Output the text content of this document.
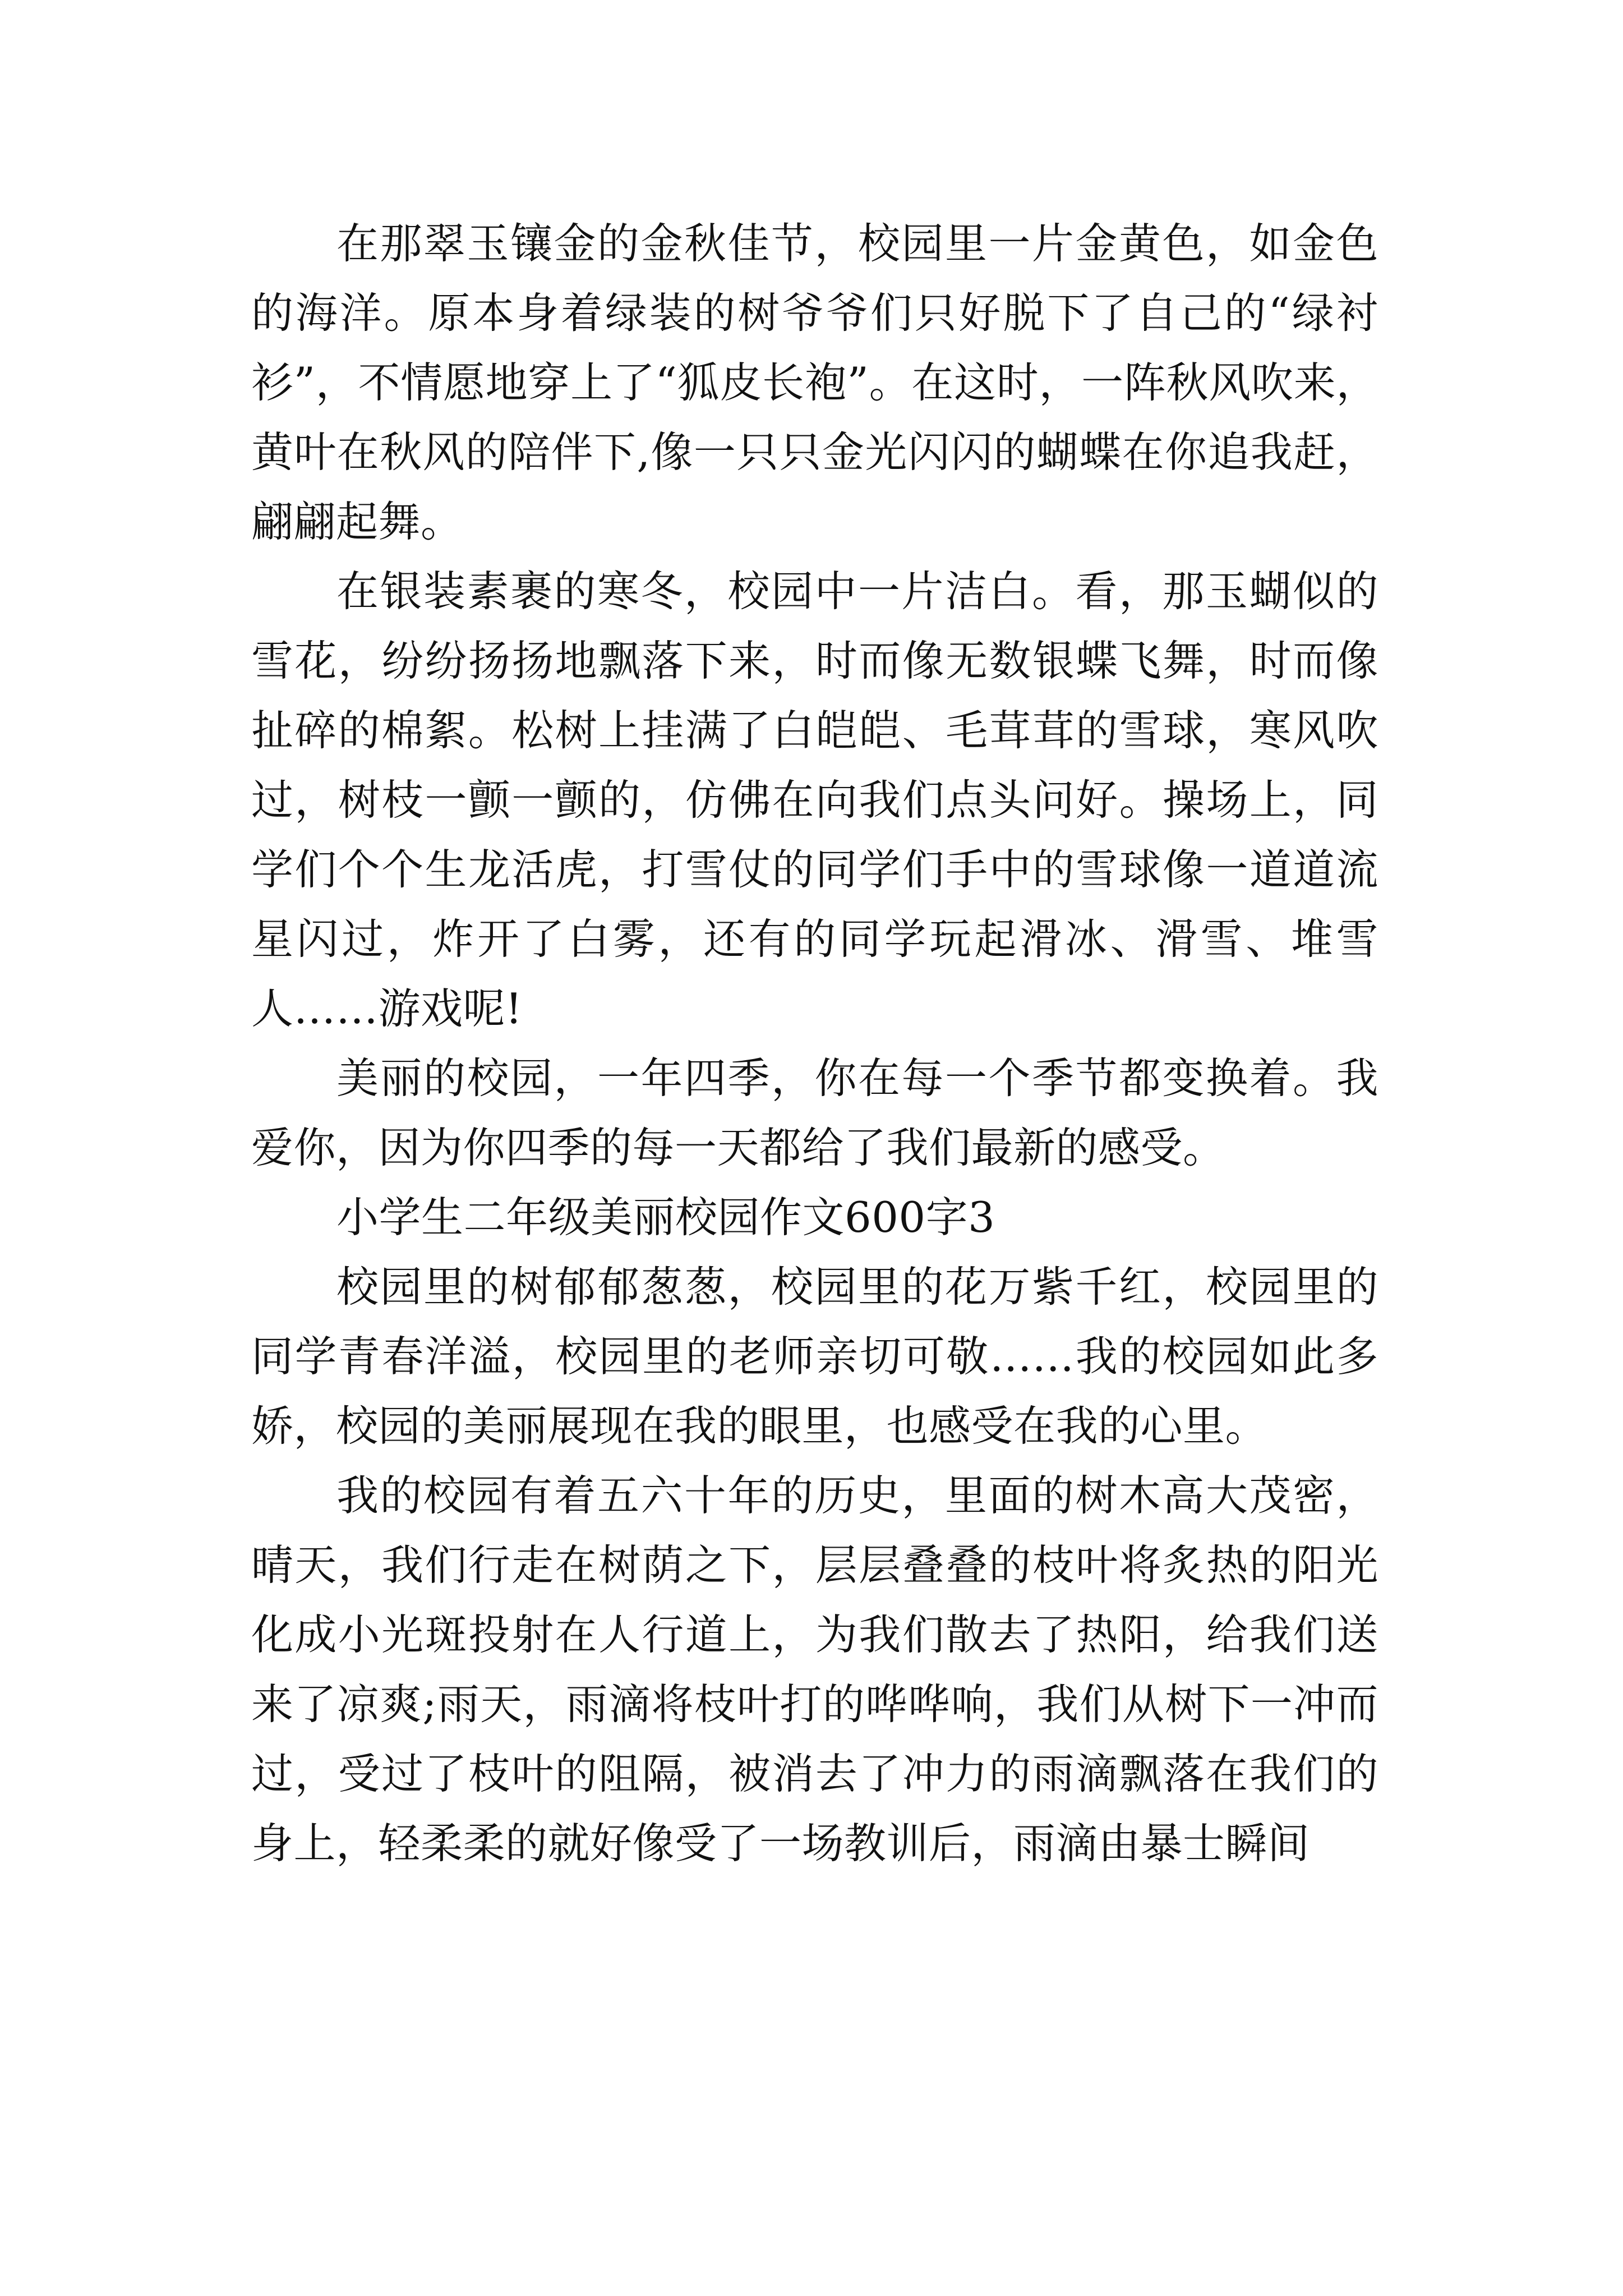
在那翠玉镶金的金秋佳节，校园里一片金黄色，如金色的海洋。原本身着绿装的树爷爷们只好脱下了自己的“绿衬衫”，不情愿地穿上了“狐皮长袍”。在这时，一阵秋风吹来，黄叶在秋风的陪伴下,像一只只金光闪闪的蝴蝶在你追我赶，翩翩起舞。

在银装素裹的寒冬，校园中一片洁白。看，那玉蝴似的雪花，纷纷扬扬地飘落下来，时而像无数银蝶飞舞，时而像扯碎的棉絮。松树上挂满了白皑皑、毛茸茸的雪球，寒风吹过，树枝一颤一颤的，仿佛在向我们点头问好。操场上，同学们个个生龙活虎，打雪仗的同学们手中的雪球像一道道流星闪过，炸开了白雾，还有的同学玩起滑冰、滑雪、堆雪人……游戏呢!

美丽的校园，一年四季，你在每一个季节都变换着。我爱你，因为你四季的每一天都给了我们最新的感受。

小学生二年级美丽校园作文600字3

校园里的树郁郁葱葱，校园里的花万紫千红，校园里的同学青春洋溢，校园里的老师亲切可敬……我的校园如此多娇，校园的美丽展现在我的眼里，也感受在我的心里。

我的校园有着五六十年的历史，里面的树木高大茂密，晴天，我们行走在树荫之下，层层叠叠的枝叶将炙热的阳光化成小光斑投射在人行道上，为我们散去了热阳，给我们送来了凉爽;雨天，雨滴将枝叶打的哗哗响，我们从树下一冲而过，受过了枝叶的阻隔，被消去了冲力的雨滴飘落在我们的身上，轻柔柔的就好像受了一场教训后，雨滴由暴士瞬间
